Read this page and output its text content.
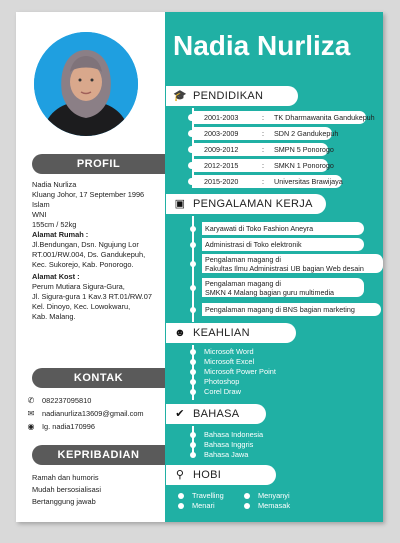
Nadia Nurliza
PROFIL
Nadia Nurliza
Kluang Johor, 17 September 1996
Islam
WNI
155cm / 52kg
Alamat Rumah :
Jl.Bendungan, Dsn. Ngujung Lor
RT.001/RW.004, Ds. Gandukepuh,
Kec. Sukorejo, Kab. Ponorogo.
Alamat Kost :
Perum Mutiara Sigura-Gura,
Jl. Sigura-gura 1 Kav.3 RT.01/RW.07
Kel. Dinoyo, Kec. Lowokwaru,
Kab. Malang.
KONTAK
✆ 082237095810
✉ nadianurliza13609@gmail.com
◉ Ig. nadia170996
KEPRIBADIAN
Ramah dan humoris
Mudah bersosialisasi
Bertanggung jawab
🎓 PENDIDIKAN
2001-2003	: TK Dharmawanita Gandukepuh
2003-2009	: SDN 2 Gandukepuh
2009-2012	: SMPN 5 Ponorogo
2012-2015	: SMKN 1 Ponorogo
2015-2020	: Universitas Brawijaya
▣ PENGALAMAN KERJA
Karyawati di Toko Fashion Aneyra
Administrasi di Toko elektronik
Pengalaman magang di
Fakultas Ilmu Administrasi UB bagian Web desain
Pengalaman magang di
SMKN 4 Malang bagian guru multimedia
Pengalaman magang di BNS bagian marketing
☻ KEAHLIAN
Microsoft Word
Microsoft Excel
Microsoft Power Point
Photoshop
Corel Draw
✔ BAHASA
Bahasa Indonesia
Bahasa Inggris
Bahasa Jawa
⚲ HOBI
Travelling	Menyanyi
Menari	Memasak
